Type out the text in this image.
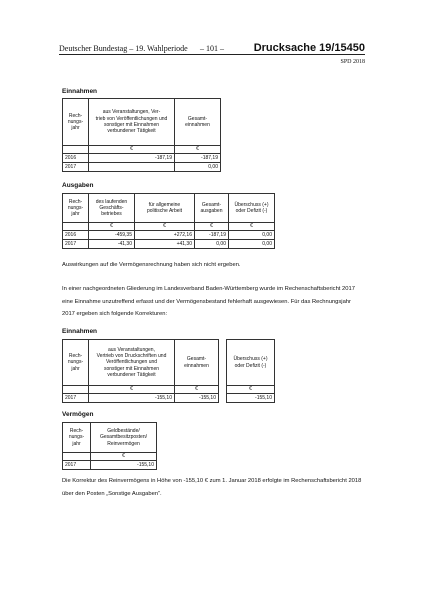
Deutscher Bundestag – 19. Wahlperiode – 101 –	Drucksache 19/15450
SPD 2018
Einnahmen
Rech-
nungs-
jahr	aus Veranstaltungen, Ver-
trieb von Veröffentlichungen und
sonstiger mit Einnahmen
verbundener Tätigkeit	Gesamt-
einnahmen
	€	€
2016	-187,19	-187,19
2017		0,00
Ausgaben
Rech-
nungs-
jahr	des laufenden
Geschäfts-
betriebes	für allgemeine
politische Arbeit	Gesamt-
ausgaben	Überschuss (+)
oder Defizit (-)
	€	€	€	€
2016	-459,35	+272,16	-187,19	0,00
2017	-41,30	+41,30	0,00	0,00
Auswirkungen auf die Vermögensrechnung haben sich nicht ergeben.
In einer nachgeordneten Gliederung im Landesverband Baden-Württemberg wurde im Rechenschaftsbericht 2017 eine Einnahme unzutreffend erfasst und der Vermögensbestand fehlerhaft ausgewiesen. Für das Rechnungsjahr 2017 ergeben sich folgende Korrekturen:
Einnahmen
Rech-
nungs-
jahr	aus Veranstaltungen,
Vertrieb von Druckschriften und
Veröffentlichungen und
sonstiger mit Einnahmen
verbundener Tätigkeit	Gesamt-
einnahmen		Überschuss (+)
oder Defizit (-)
	€	€		€
2017	-155,10	-155,10		-155,10
Vermögen
Rech-
nungs-
jahr	Geldbestände/
Gesamtbesitzposten/
Reinvermögen
	€
2017	-155,10
Die Korrektur des Reinvermögens in Höhe von -155,10 € zum 1. Januar 2018 erfolgte im Rechenschaftsbericht 2018 über den Posten „Sonstige Ausgaben“.
